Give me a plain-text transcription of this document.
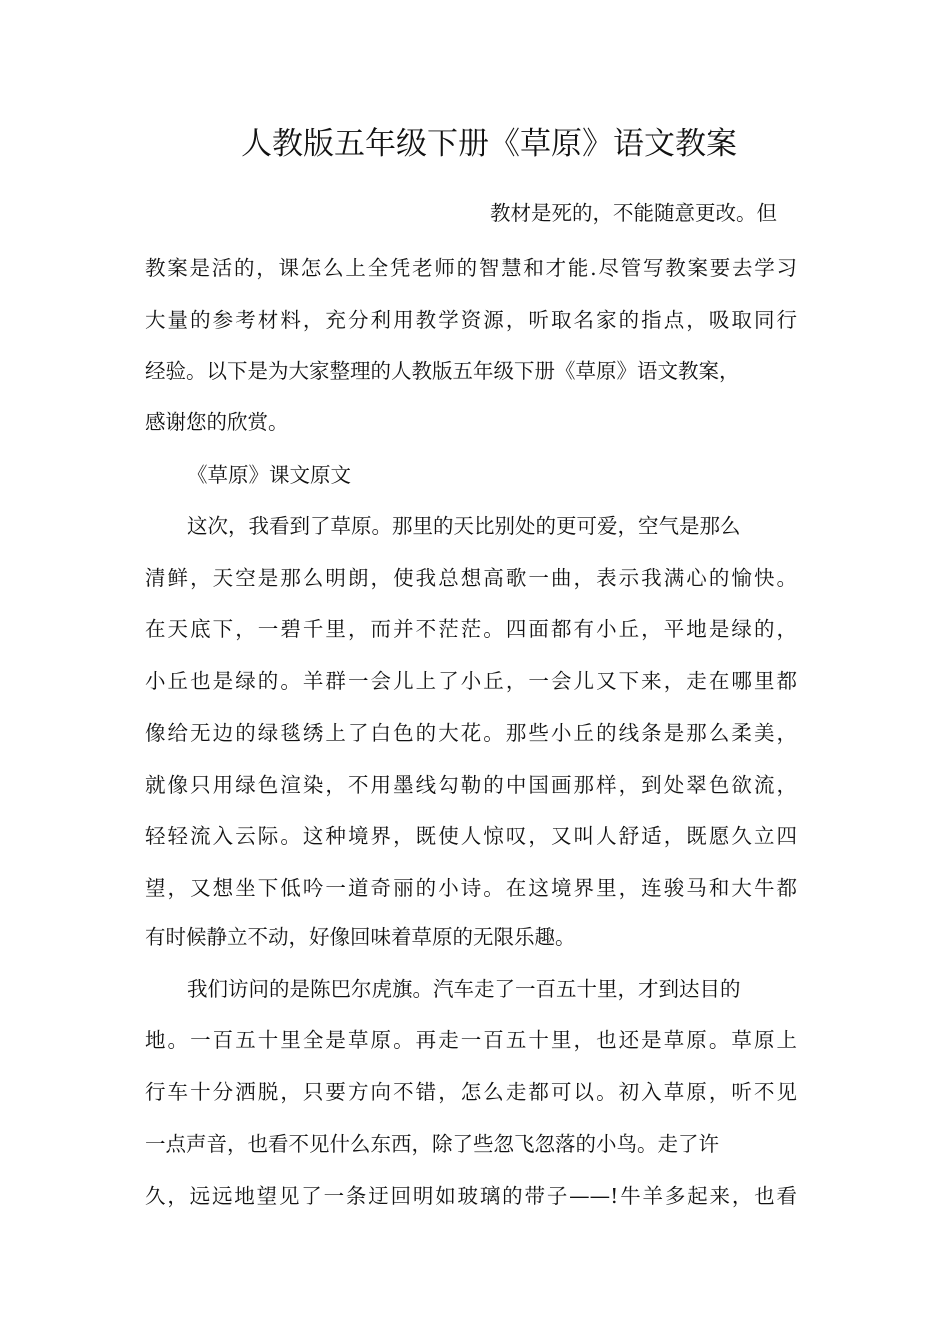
人教版五年级下册《草原》语文教案
教材是死的，不能随意更改。但
教案是活的，课怎么上全凭老师的智慧和才能.尽管写教案要去学习
大量的参考材料，充分利用教学资源，听取名家的指点，吸取同行
经验。以下是为大家整理的人教版五年级下册《草原》语文教案，
感谢您的欣赏。
《草原》课文原文
这次，我看到了草原。那里的天比别处的更可爱，空气是那么
清鲜，天空是那么明朗，使我总想高歌一曲，表示我满心的愉快。
在天底下，一碧千里，而并不茫茫。四面都有小丘，平地是绿的，
小丘也是绿的。羊群一会儿上了小丘，一会儿又下来，走在哪里都
像给无边的绿毯绣上了白色的大花。那些小丘的线条是那么柔美，
就像只用绿色渲染，不用墨线勾勒的中国画那样，到处翠色欲流，
轻轻流入云际。这种境界，既使人惊叹，又叫人舒适，既愿久立四
望，又想坐下低吟一道奇丽的小诗。在这境界里，连骏马和大牛都
有时候静立不动，好像回味着草原的无限乐趣。
我们访问的是陈巴尔虎旗。汽车走了一百五十里，才到达目的
地。一百五十里全是草原。再走一百五十里，也还是草原。草原上
行车十分洒脱，只要方向不错，怎么走都可以。初入草原，听不见
一点声音，也看不见什么东西，除了些忽飞忽落的小鸟。走了许
久，远远地望见了一条迂回明如玻璃的带子——!牛羊多起来，也看
